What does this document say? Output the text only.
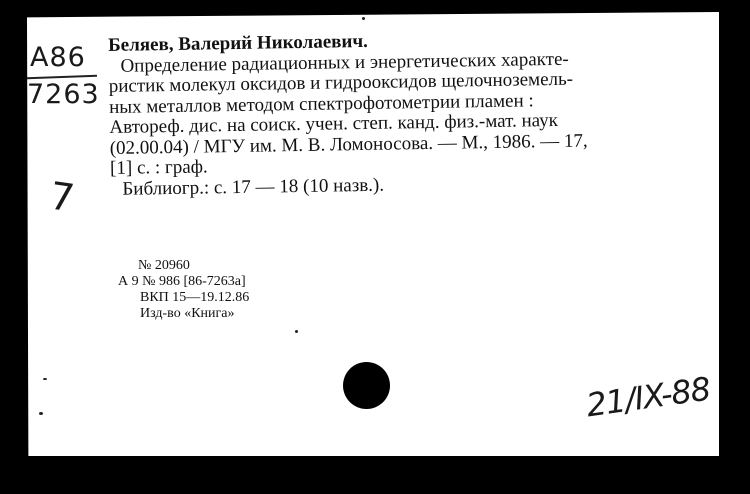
A86
7263
7
Беляев, Валерий Николаевич.
Определение радиационных и энергетических характе-
ристик молекул оксидов и гидрооксидов щелочноземель-
ных металлов методом спектрофотометрии пламен :
Автореф. дис. на соиск. учен. степ. канд. физ.-мат. наук
(02.00.04) / МГУ им. М. В. Ломоносова. — М., 1986. — 17,
[1] с. : граф.
Библиогр.: с. 17 — 18 (10 назв.).
№ 20960
А 9 № 986 [86-7263а]
ВКП 15—19.12.86
Изд-во «Книга»
21/IX-88
